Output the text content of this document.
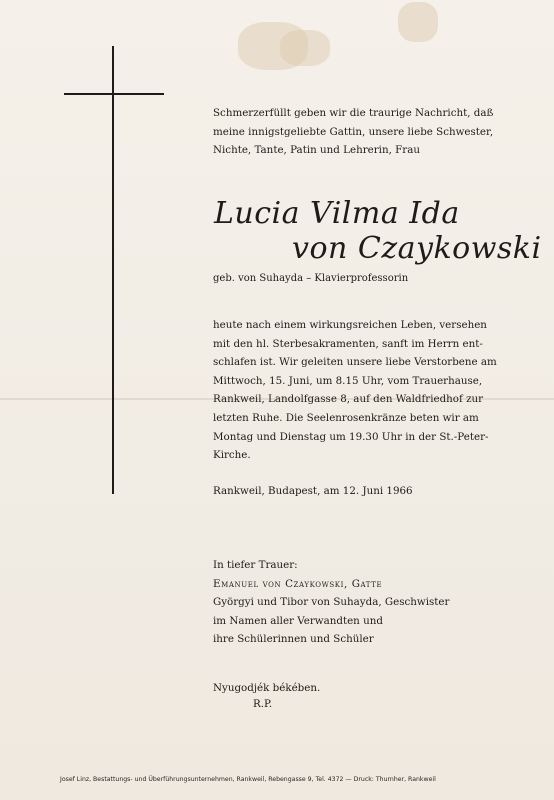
Schmerzerfüllt geben wir die traurige Nachricht, daß
meine innigstgeliebte Gattin, unsere liebe Schwester,
Nichte, Tante, Patin und Lehrerin, Frau
Lucia Vilma Ida
von Czaykowski
geb. von Suhayda – Klavierprofessorin
heute nach einem wirkungsreichen Leben, versehen
mit den hl. Sterbesakramenten, sanft im Herrn ent-
schlafen ist. Wir geleiten unsere liebe Verstorbene am
Mittwoch, 15. Juni, um 8.15 Uhr, vom Trauerhause,
Rankweil, Landolfgasse 8, auf den Waldfriedhof zur
letzten Ruhe. Die Seelenrosenkränze beten wir am
Montag und Dienstag um 19.30 Uhr in der St.-Peter-
Kirche.
Rankweil, Budapest, am 12. Juni 1966
In tiefer Trauer:
Emanuel von Czaykowski, Gatte
Györgyi und Tibor von Suhayda, Geschwister
im Namen aller Verwandten und
ihre Schülerinnen und Schüler
Nyugodjék békében.
R.P.
Josef Linz, Bestattungs- und Überführungsunternehmen, Rankweil, Rebengasse 9, Tel. 4372 — Druck: Thurnher, Rankweil
